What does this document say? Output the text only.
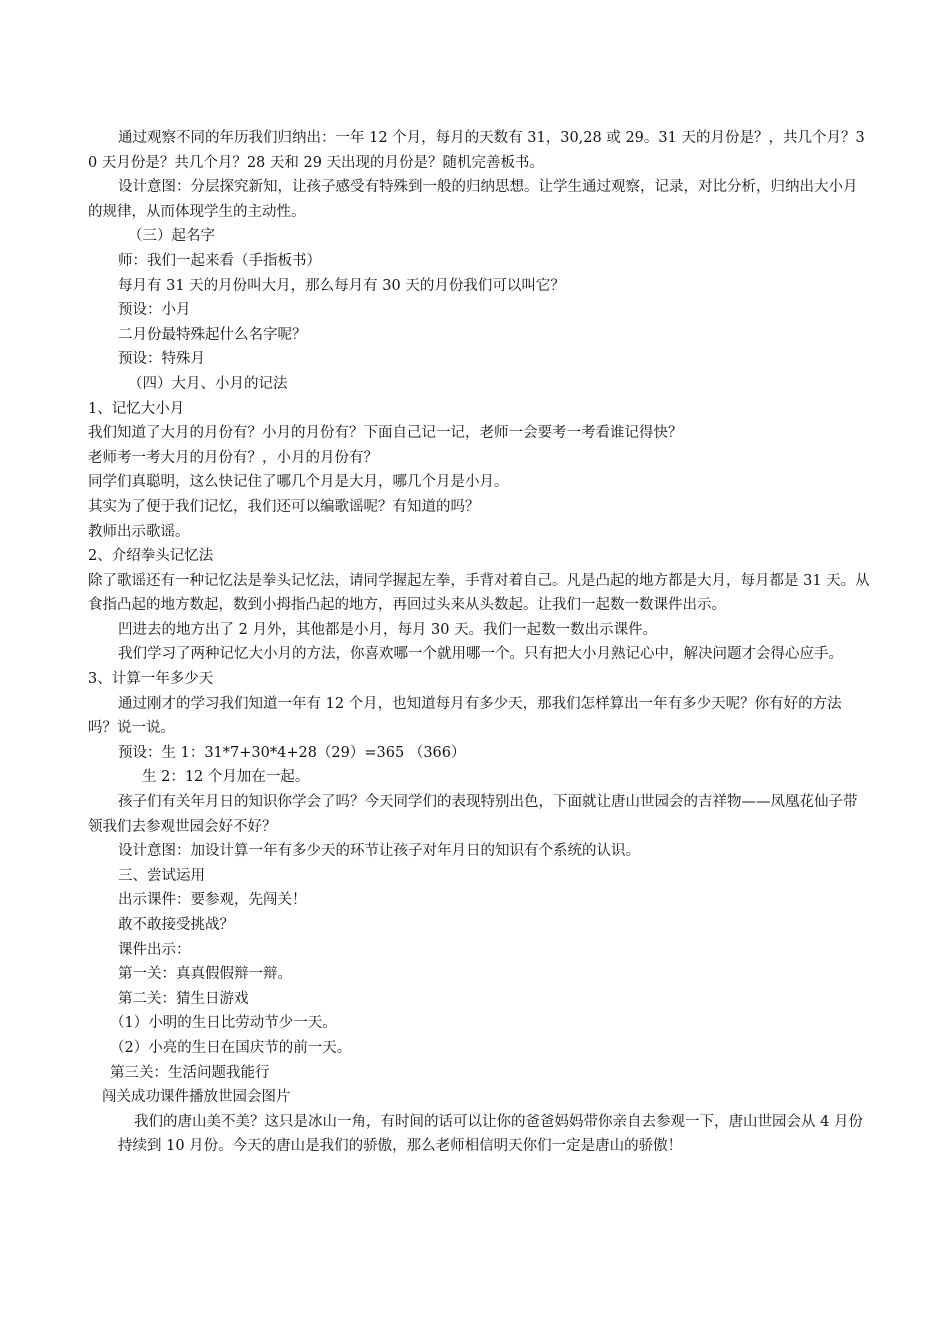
通过观察不同的年历我们归纳出：一年 12 个月，每月的天数有 31，30,28 或 29。31 天的月份是？，共几个月？30 天月份是？共几个月？28 天和 29 天出现的月份是？随机完善板书。

设计意图：分层探究新知，让孩子感受有特殊到一般的归纳思想。让学生通过观察，记录，对比分析，归纳出大小月的规律，从而体现学生的主动性。

（三）起名字

师：我们一起来看（手指板书）

每月有 31 天的月份叫大月，那么每月有 30 天的月份我们可以叫它？

预设：小月

二月份最特殊起什么名字呢？

预设：特殊月

（四）大月、小月的记法

1、记忆大小月

我们知道了大月的月份有？小月的月份有？下面自己记一记，老师一会要考一考看谁记得快？

老师考一考大月的月份有？，小月的月份有？

同学们真聪明，这么快记住了哪几个月是大月，哪几个月是小月。

其实为了便于我们记忆，我们还可以编歌谣呢？有知道的吗？

教师出示歌谣。

2、介绍拳头记忆法

除了歌谣还有一种记忆法是拳头记忆法，请同学握起左拳，手背对着自己。凡是凸起的地方都是大月，每月都是 31 天。从食指凸起的地方数起，数到小拇指凸起的地方，再回过头来从头数起。让我们一起数一数课件出示。

凹进去的地方出了 2 月外，其他都是小月，每月 30 天。我们一起数一数出示课件。

我们学习了两种记忆大小月的方法，你喜欢哪一个就用哪一个。只有把大小月熟记心中，解决问题才会得心应手。

3、计算一年多少天

通过刚才的学习我们知道一年有 12 个月，也知道每月有多少天，那我们怎样算出一年有多少天呢？你有好的方法吗？说一说。

预设：生 1：31*7+30*4+28（29）=365 （366）

生 2：12 个月加在一起。

孩子们有关年月日的知识你学会了吗？今天同学们的表现特别出色，下面就让唐山世园会的吉祥物——凤凰花仙子带领我们去参观世园会好不好？

设计意图：加设计算一年有多少天的环节让孩子对年月日的知识有个系统的认识。

三、尝试运用

出示课件：要参观，先闯关！

敢不敢接受挑战？

课件出示：

第一关：真真假假辩一辩。

第二关：猜生日游戏

（1）小明的生日比劳动节少一天。

（2）小亮的生日在国庆节的前一天。

第三关：生活问题我能行

闯关成功课件播放世园会图片

我们的唐山美不美？这只是冰山一角，有时间的话可以让你的爸爸妈妈带你亲自去参观一下，唐山世园会从 4 月份持续到 10 月份。今天的唐山是我们的骄傲，那么老师相信明天你们一定是唐山的骄傲！
